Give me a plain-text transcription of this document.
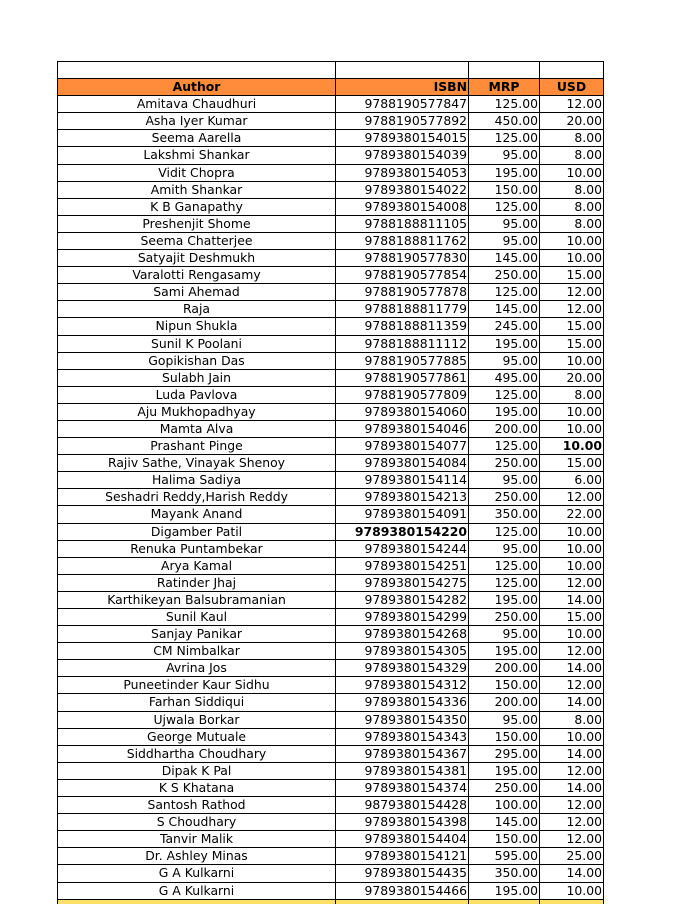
Author	ISBN	MRP	USD
Amitava Chaudhuri	9788190577847	125.00	12.00
Asha Iyer Kumar	9788190577892	450.00	20.00
Seema Aarella	9789380154015	125.00	8.00
Lakshmi Shankar	9789380154039	95.00	8.00
Vidit Chopra	9789380154053	195.00	10.00
Amith Shankar	9789380154022	150.00	8.00
K B Ganapathy	9789380154008	125.00	8.00
Preshenjit Shome	9788188811105	95.00	8.00
Seema Chatterjee	9788188811762	95.00	10.00
Satyajit Deshmukh	9788190577830	145.00	10.00
Varalotti Rengasamy	9788190577854	250.00	15.00
Sami Ahemad	9788190577878	125.00	12.00
Raja	9788188811779	145.00	12.00
Nipun Shukla	9788188811359	245.00	15.00
Sunil K Poolani	9788188811112	195.00	15.00
Gopikishan Das	9788190577885	95.00	10.00
Sulabh Jain	9788190577861	495.00	20.00
Luda Pavlova	9788190577809	125.00	8.00
Aju Mukhopadhyay	9789380154060	195.00	10.00
Mamta Alva	9789380154046	200.00	10.00
Prashant Pinge	9789380154077	125.00	10.00
Rajiv Sathe, Vinayak Shenoy	9789380154084	250.00	15.00
Halima Sadiya	9789380154114	95.00	6.00
Seshadri Reddy,Harish Reddy	9789380154213	250.00	12.00
Mayank Anand	9789380154091	350.00	22.00
Digamber Patil	9789380154220	125.00	10.00
Renuka Puntambekar	9789380154244	95.00	10.00
Arya Kamal	9789380154251	125.00	10.00
Ratinder Jhaj	9789380154275	125.00	12.00
Karthikeyan Balsubramanian	9789380154282	195.00	14.00
Sunil Kaul	9789380154299	250.00	15.00
Sanjay Panikar	9789380154268	95.00	10.00
CM Nimbalkar	9789380154305	195.00	12.00
Avrina Jos	9789380154329	200.00	14.00
Puneetinder Kaur Sidhu	9789380154312	150.00	12.00
Farhan Siddiqui	9789380154336	200.00	14.00
Ujwala Borkar	9789380154350	95.00	8.00
George Mutuale	9789380154343	150.00	10.00
Siddhartha Choudhary	9789380154367	295.00	14.00
Dipak K Pal	9789380154381	195.00	12.00
K S Khatana	9789380154374	250.00	14.00
Santosh Rathod	9879380154428	100.00	12.00
S Choudhary	9789380154398	145.00	12.00
Tanvir Malik	9789380154404	150.00	12.00
Dr. Ashley Minas	9789380154121	595.00	25.00
G A Kulkarni	9789380154435	350.00	14.00
G A Kulkarni	9789380154466	195.00	10.00
